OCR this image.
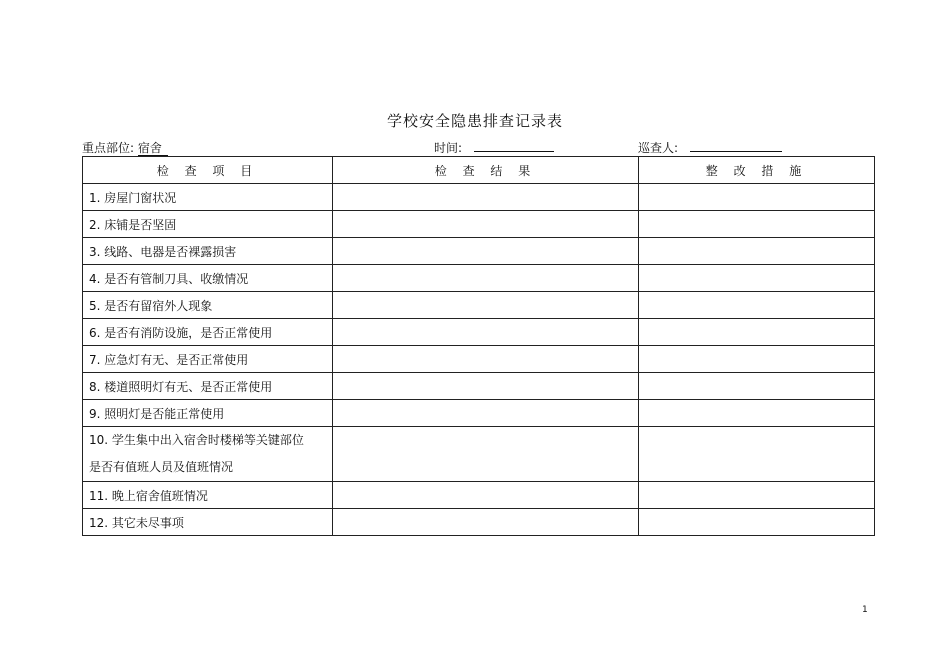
学校安全隐患排查记录表
重点部位: 宿舍	时间:	巡查人:
检 查 项 目	检 查 结 果	整 改 措 施
1. 房屋门窗状况		
2. 床铺是否坚固		
3. 线路、电器是否裸露损害		
4. 是否有管制刀具、收缴情况		
5. 是否有留宿外人现象		
6. 是否有消防设施，是否正常使用		
7. 应急灯有无、是否正常使用		
8. 楼道照明灯有无、是否正常使用		
9. 照明灯是否能正常使用		

10. 学生集中出入宿舍时楼梯等关键部位
是否有值班人员及值班情况		

11. 晚上宿舍值班情况		
12. 其它未尽事项		
1
